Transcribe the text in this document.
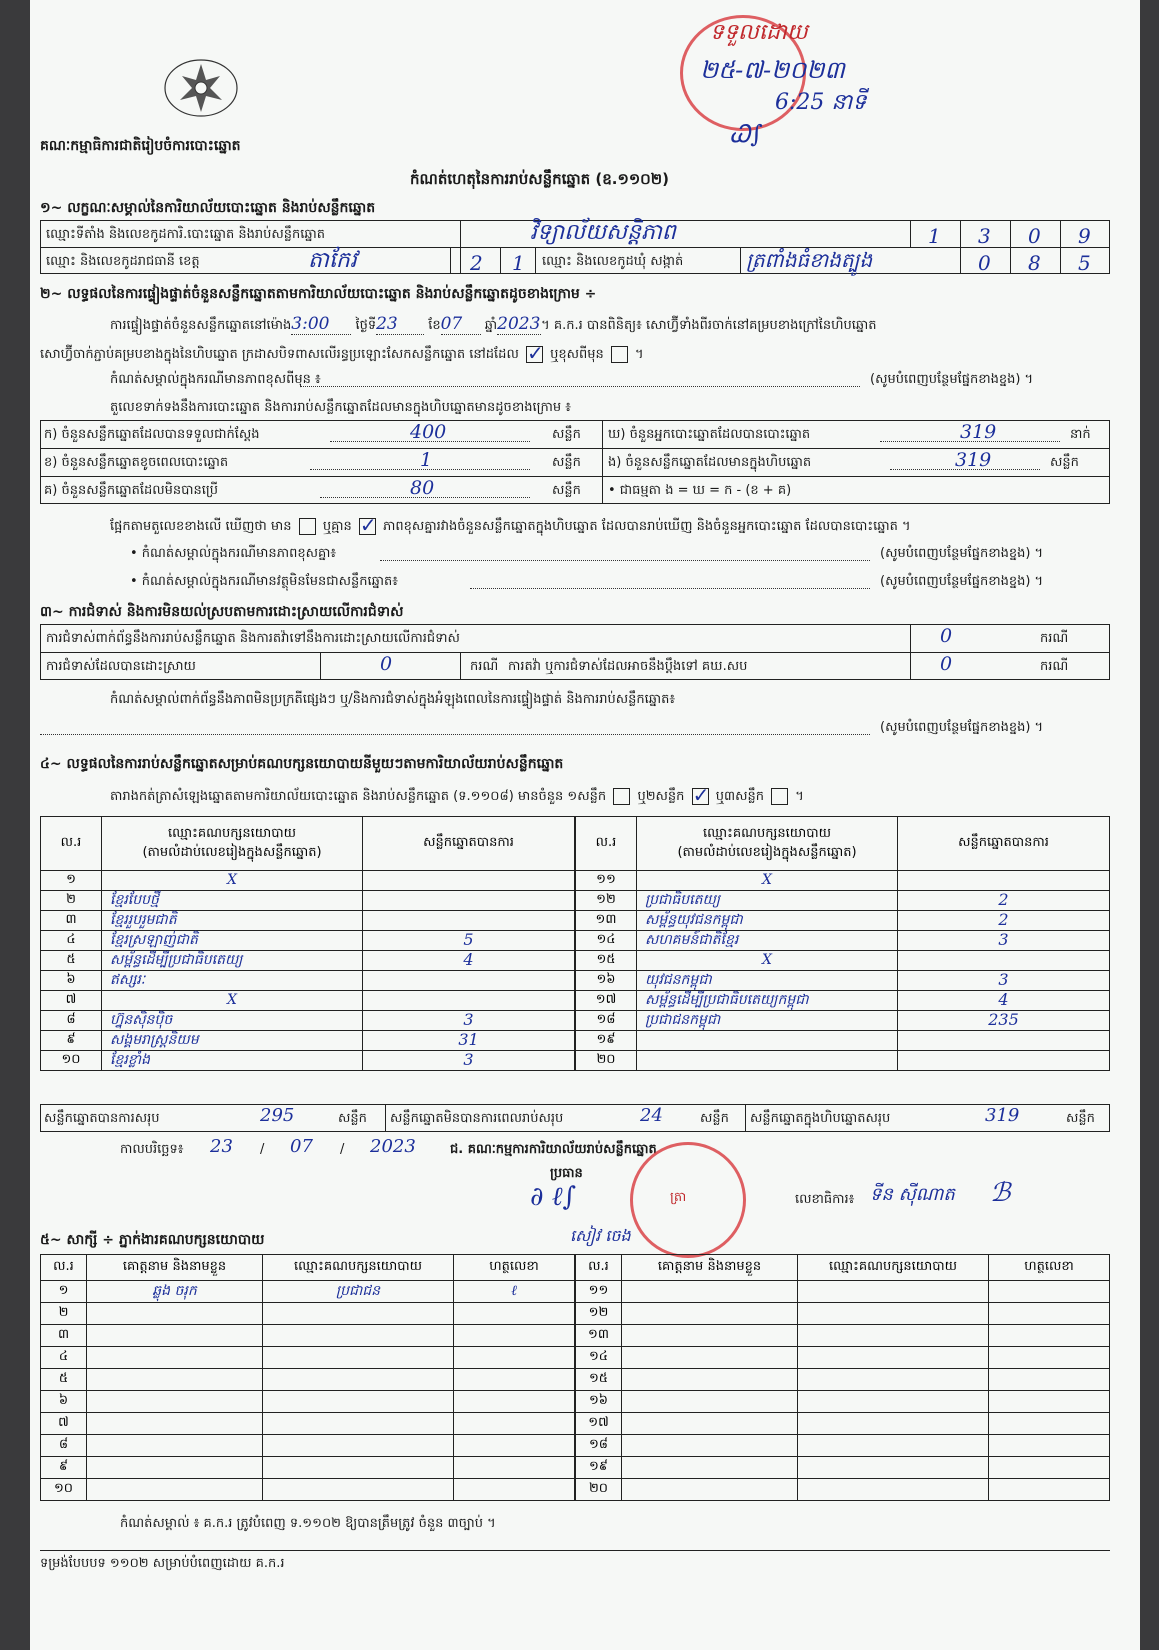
គណៈកម្មាធិការជាតិរៀបចំការបោះឆ្នោត
កំណត់ហេតុនៃការរាប់សន្លឹកឆ្នោត (ឧ.១១០២)
ទទួលដោយ
២៥-៧-២០២៣
6:25 នាទី
Ꮗ∫
១~ លក្ខណៈសម្គាល់នៃការិយាល័យបោះឆ្នោត និងរាប់សន្លឹកឆ្នោត
ឈ្មោះទីតាំង និងលេខកូដការិ.បោះឆ្នោត និងរាប់សន្លឹកឆ្នោត	វិទ្យាល័យសន្តិភាព	1 3 0 9
ឈ្មោះ និងលេខកូដរាជធានី ខេត្ត	តាកែវ	2 1 ឈ្មោះ និងលេខកូដឃុំ សង្កាត់	ត្រពាំងធំខាងត្បូង	0 8 5
២~ លទ្ធផលនៃការផ្ទៀងផ្ទាត់ចំនួនសន្លឹកឆ្នោតតាមការិយាល័យបោះឆ្នោត និងរាប់សន្លឹកឆ្នោតដូចខាងក្រោម ÷
ការផ្ទៀងផ្ទាត់ចំនួនសន្លឹកឆ្នោតនៅម៉ោង3:00 ថ្ងៃទី23 ខែ07 ឆ្នាំ2023។ គ.ក.រ បានពិនិត្យ៖ សោហ្វ៊ីទាំងពីរចាក់នៅគម្របខាងក្រៅនៃហិបឆ្នោត
សោហ្វ៊ីចាក់ភ្ជាប់គម្របខាងក្នុងនៃហិបឆ្នោត ក្រដាសបិទពាសលើរន្ធប្រឡោះសែកសន្លឹកឆ្នោត នៅដដែល ✓ ឬខុសពីមុន  ។
កំណត់សម្គាល់ក្នុងករណីមានភាពខុសពីមុន ៖	(សូមបំពេញបន្ថែមផ្នែកខាងខ្នង) ។
តួលេខទាក់ទងនឹងការបោះឆ្នោត និងការរាប់សន្លឹកឆ្នោតដែលមានក្នុងហិបឆ្នោតមានដូចខាងក្រោម ៖
ក) ចំនួនសន្លឹកឆ្នោតដែលបានទទួលជាក់ស្តែង	400	សន្លឹក
ខ) ចំនួនសន្លឹកឆ្នោតខូចពេលបោះឆ្នោត	1	សន្លឹក
គ) ចំនួនសន្លឹកឆ្នោតដែលមិនបានប្រើ	80	សន្លឹក
ឃ) ចំនួនអ្នកបោះឆ្នោតដែលបានបោះឆ្នោត	319	នាក់
ង) ចំនួនសន្លឹកឆ្នោតដែលមានក្នុងហិបឆ្នោត	319	សន្លឹក
• ជាធម្មតា ង = ឃ = ក - (ខ + គ)
ផ្អែកតាមតួលេខខាងលើ ឃើញថា មាន ឬគ្មាន ✓ ភាពខុសគ្នារវាងចំនួនសន្លឹកឆ្នោតក្នុងហិបឆ្នោត ដែលបានរាប់ឃើញ និងចំនួនអ្នកបោះឆ្នោត ដែលបានបោះឆ្នោត ។
• កំណត់សម្គាល់ក្នុងករណីមានភាពខុសគ្នា៖	(សូមបំពេញបន្ថែមផ្នែកខាងខ្នង) ។
• កំណត់សម្គាល់ក្នុងករណីមានវត្ថុមិនមែនជាសន្លឹកឆ្នោត៖	(សូមបំពេញបន្ថែមផ្នែកខាងខ្នង) ។
៣~ ការជំទាស់ និងការមិនយល់ស្របតាមការដោះស្រាយលើការជំទាស់
ការជំទាស់ពាក់ព័ន្ធនឹងការរាប់សន្លឹកឆ្នោត និងការតវ៉ាទៅនឹងការដោះស្រាយលើការជំទាស់	0	ករណី
ការជំទាស់ដែលបានដោះស្រាយ	0	ករណី ការតវ៉ា ឬការជំទាស់ដែលអាចនឹងប្តឹងទៅ គឃ.សប	0	ករណី
កំណត់សម្គាល់ពាក់ព័ន្ធនឹងភាពមិនប្រក្រតីផ្សេងៗ ឬ/និងការជំទាស់ក្នុងអំឡុងពេលនៃការផ្ទៀងផ្ទាត់ និងការរាប់សន្លឹកឆ្នោត៖
(សូមបំពេញបន្ថែមផ្នែកខាងខ្នង) ។
៤~ លទ្ធផលនៃការរាប់សន្លឹកឆ្នោតសម្រាប់គណបក្សនយោបាយនីមួយៗតាមការិយាល័យរាប់សន្លឹកឆ្នោត
តារាងកត់ត្រាសំឡេងឆ្នោតតាមការិយាល័យបោះឆ្នោត និងរាប់សន្លឹកឆ្នោត (ទ.១១០៨) មានចំនួន ១សន្លឹក ឬ២សន្លឹក ✓ ឬ៣សន្លឹក  ។
ល.រ	ឈ្មោះគណបក្សនយោបាយ
(តាមលំដាប់លេខរៀងក្នុងសន្លឹកឆ្នោត)	សន្លឹកឆ្នោតបានការ
១	X	
២	ខ្មែរបែបថ្មី	
៣	ខ្មែររួបរួមជាតិ	
៤	ខ្មែរស្រឡាញ់ជាតិ	5
៥	សម្ព័ន្ធដើម្បីប្រជាធិបតេយ្យ	4
៦	ឥស្សរៈ	
៧	X	
៨	ហ្វ៊ុនស៊ិនប៉ិច	3
៩	សង្គមរាស្ត្រនិយម	31
១០	ខ្មែរខ្លាំង	3
ល.រ	ឈ្មោះគណបក្សនយោបាយ
(តាមលំដាប់លេខរៀងក្នុងសន្លឹកឆ្នោត)	សន្លឹកឆ្នោតបានការ
១១	X	
១២	ប្រជាធិបតេយ្យ	2
១៣	សម្ព័ន្ធយុវជនកម្ពុជា	2
១៤	សហគមន៍ជាតិខ្មែរ	3
១៥	X	
១៦	យុវជនកម្ពុជា	3
១៧	សម្ព័ន្ធដើម្បីប្រជាធិបតេយ្យកម្ពុជា	4
១៨	ប្រជាជនកម្ពុជា	235
១៩		
២០		
សន្លឹកឆ្នោតបានការសរុប	295	សន្លឹក សន្លឹកឆ្នោតមិនបានការពេលរាប់សរុប	24	សន្លឹក សន្លឹកឆ្នោតក្នុងហិបឆ្នោតសរុប	319	សន្លឹក
កាលបរិច្ឆេទ៖ 23 / 07 / 2023	ជ. គណៈកម្មការការិយាល័យរាប់សន្លឹកឆ្នោត
ប្រធាន
∂ ℓ∫
សៀវ ចេង
ត្រា	លេខាធិការ៖ ទីន ស៊ីណាត ℬ
៥~ សាក្សី ÷ ភ្នាក់ងារគណបក្សនយោបាយ
ល.រ	គោត្តនាម និងនាមខ្លួន	ឈ្មោះគណបក្សនយោបាយ	ហត្ថលេខា
១	ឆ្លុង ចរុក	ប្រជាជន	ℓ
២			
៣			
៤			
៥			
៦			
៧			
៨			
៩			
១០			
ល.រ	គោត្តនាម និងនាមខ្លួន	ឈ្មោះគណបក្សនយោបាយ	ហត្ថលេខា
១១			
១២			
១៣			
១៤			
១៥			
១៦			
១៧			
១៨			
១៩			
២០			
កំណត់សម្គាល់ ៖ គ.ក.រ ត្រូវបំពេញ ទ.១១០២ ឱ្យបានត្រឹមត្រូវ ចំនួន ៣ច្បាប់ ។
ទម្រង់បែបបទ ១១០២ សម្រាប់បំពេញដោយ គ.ក.រ
